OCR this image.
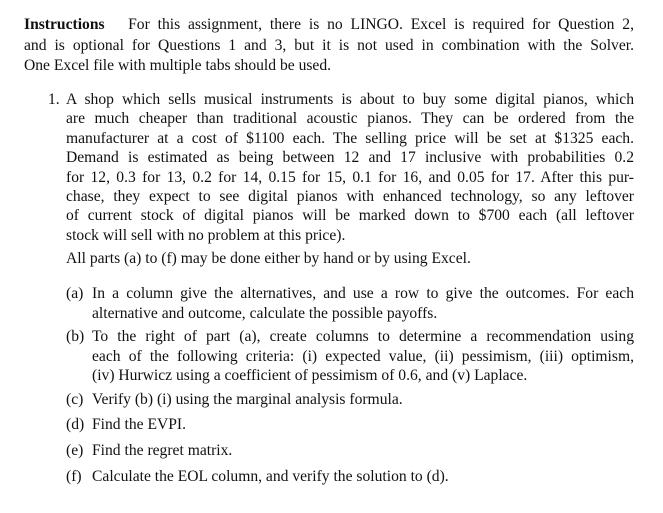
Instructions For this assignment, there is no LINGO. Excel is required for Question 2,
and is optional for Questions 1 and 3, but it is not used in combination with the Solver.
One Excel file with multiple tabs should be used.
1. A shop which sells musical instruments is about to buy some digital pianos, which
are much cheaper than traditional acoustic pianos. They can be ordered from the
manufacturer at a cost of $1100 each. The selling price will be set at $1325 each.
Demand is estimated as being between 12 and 17 inclusive with probabilities 0.2
for 12, 0.3 for 13, 0.2 for 14, 0.15 for 15, 0.1 for 16, and 0.05 for 17. After this pur-
chase, they expect to see digital pianos with enhanced technology, so any leftover
of current stock of digital pianos will be marked down to $700 each (all leftover
stock will sell with no problem at this price).
All parts (a) to (f) may be done either by hand or by using Excel.
(a) In a column give the alternatives, and use a row to give the outcomes. For each
alternative and outcome, calculate the possible payoffs.
(b) To the right of part (a), create columns to determine a recommendation using
each of the following criteria: (i) expected value, (ii) pessimism, (iii) optimism,
(iv) Hurwicz using a coefficient of pessimism of 0.6, and (v) Laplace.
(c) Verify (b) (i) using the marginal analysis formula.
(d) Find the EVPI.
(e) Find the regret matrix.
(f) Calculate the EOL column, and verify the solution to (d).
